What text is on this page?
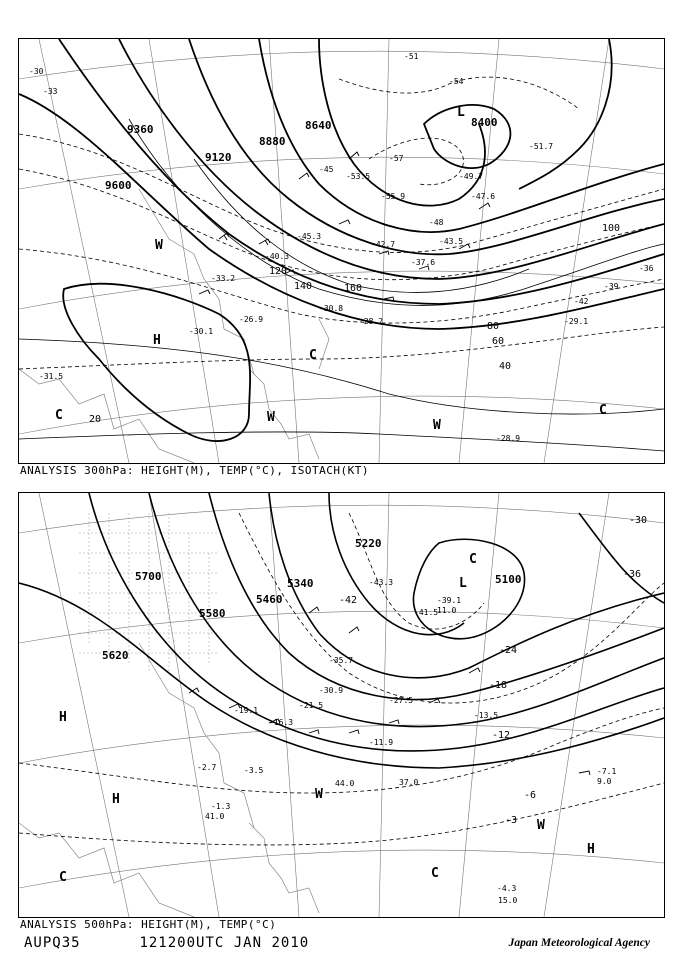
9360
9120
8880
8640	8400
9600
20
40
60
80
100
120
140	160
-30
-33
-36
-39
-42
-45
-48
-51
-54
-57
-55.9
-53.5
-47.6
-45.3
-42.7
-40.3
-37.6
-33.2
-30.8
-29.1
-28.9
-26.9
-31.5
-30.1
-28.2
-43.5
-49.7
-51.7
L
H
W
C
C
C
W
W
ANALYSIS 300hPa: HEIGHT(M), TEMP(°C), ISOTACH(KT)
5700
5580
5460
5340
5220
5100
5620
-3
-6
-12
-18
-24
-30
-36
-42
-43.3
-41.5
-39.1
-35.7
-30.9
-27.5
-21.5
-19.1
-16.3
-13.5
-11.9
-7.1
-4.3
-3.5
-2.7
-1.3
37.0
44.0
41.0
15.0
9.0
11.0
L
H
H
H
W
W
C
C	C
ANALYSIS 500hPa: HEIGHT(M), TEMP(°C)
AUPQ35	121200UTC JAN 2010	Japan Meteorological Agency
